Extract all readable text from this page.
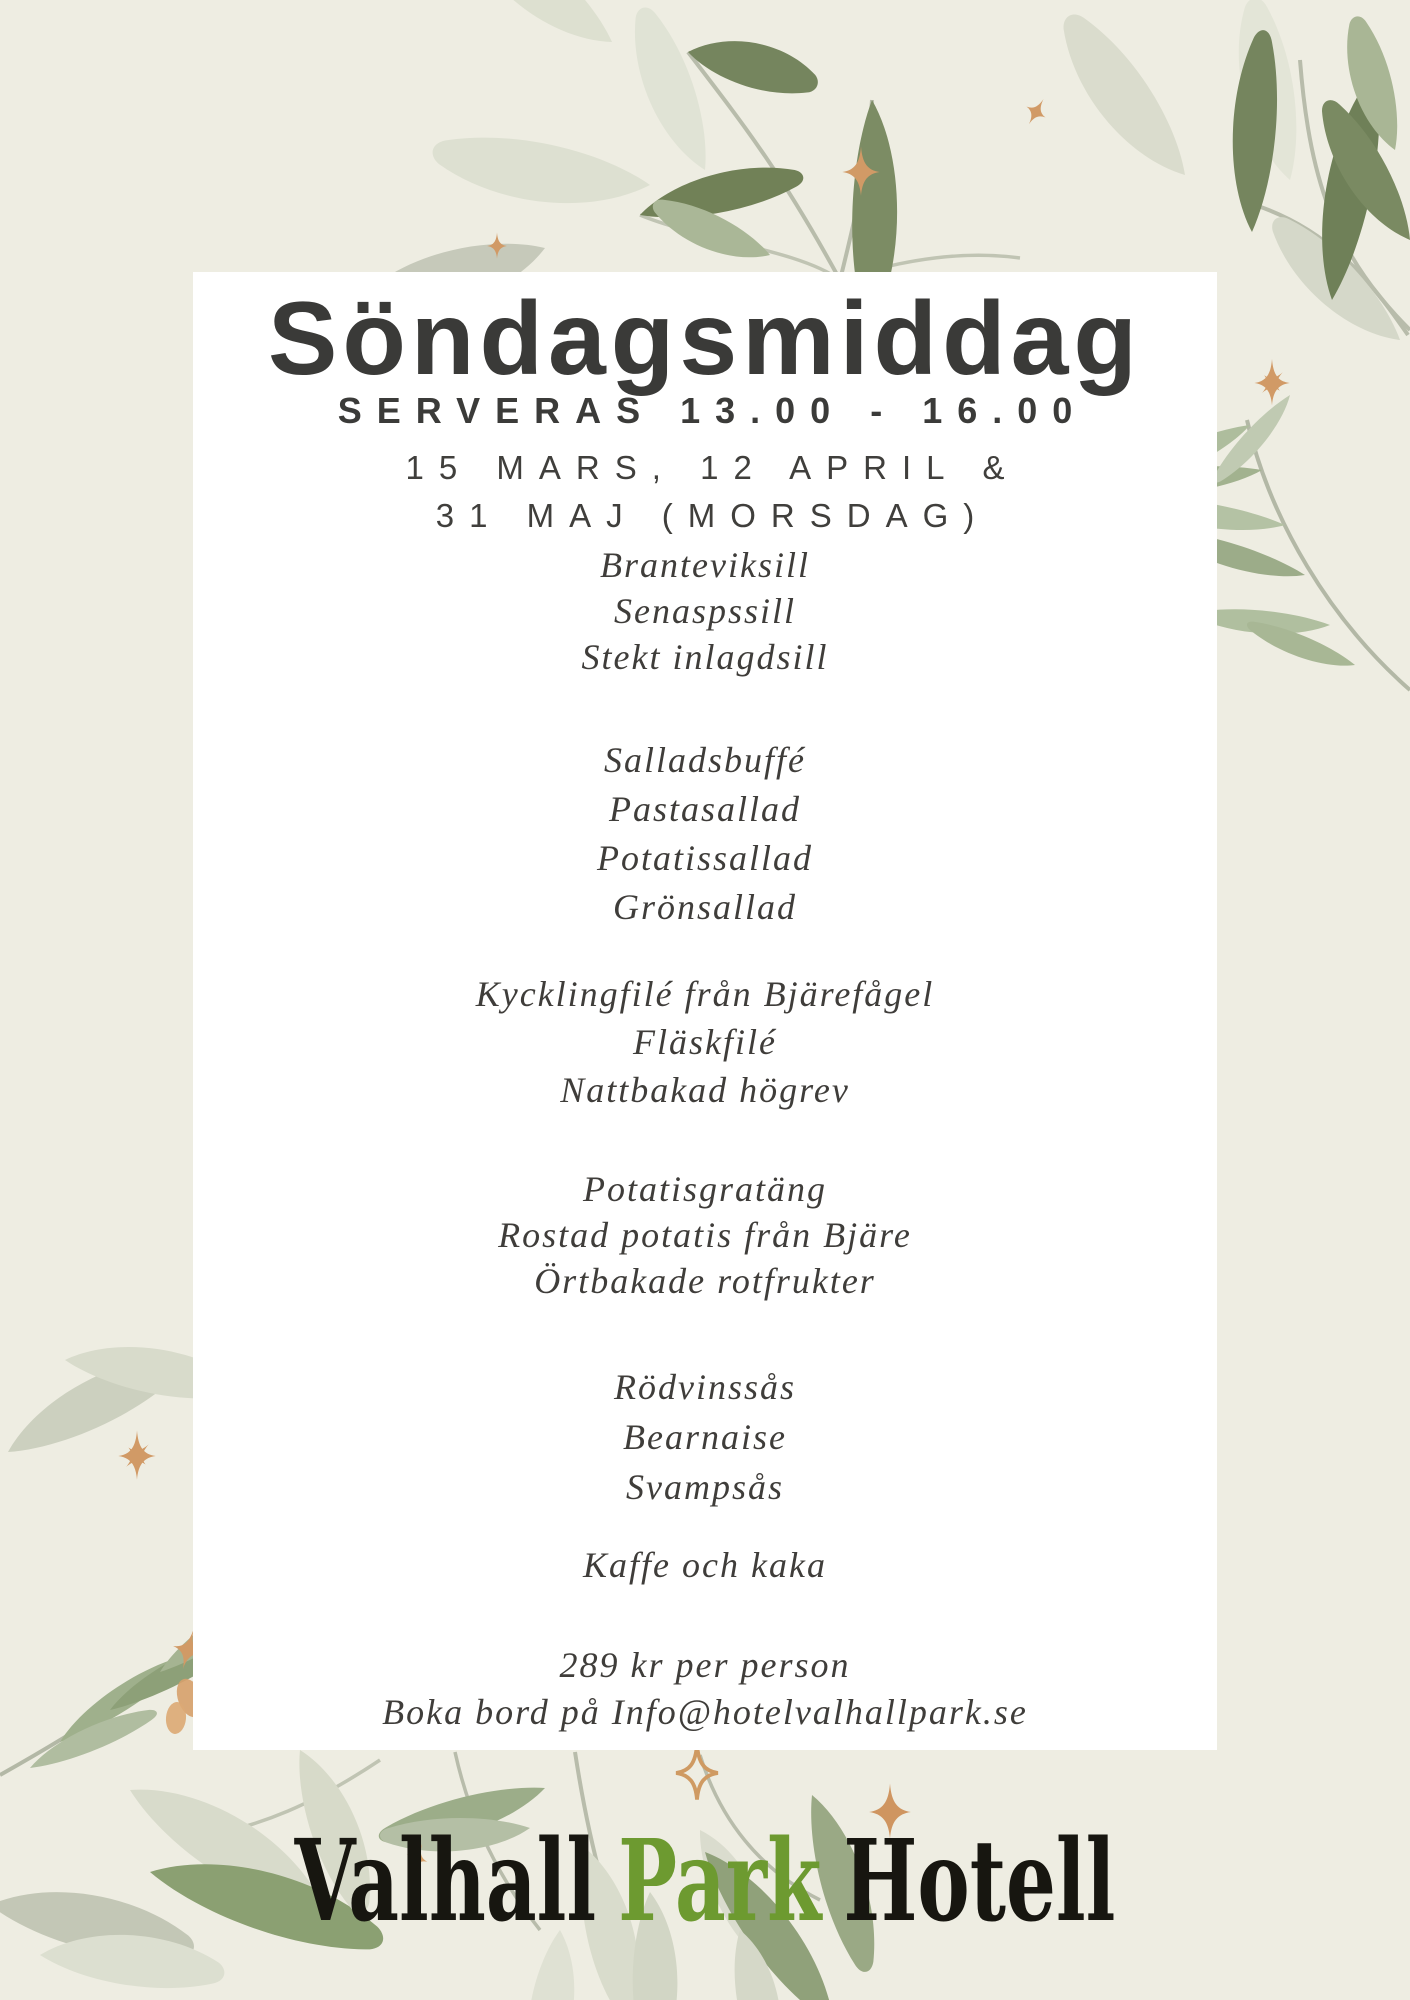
Söndagsmiddag
SERVERAS 13.00 - 16.00
15 MARS, 12 APRIL &
31 MAJ (MORSDAG)
Branteviksill
Senaspssill
Stekt inlagdsill
Salladsbuffé
Pastasallad
Potatissallad
Grönsallad
Kycklingfilé från Bjärefågel
Fläskfilé
Nattbakad högrev
Potatisgratäng
Rostad potatis från Bjäre
Örtbakade rotfrukter
Rödvinssås
Bearnaise
Svampsås
Kaffe och kaka
289 kr per person
Boka bord på Info@hotelvalhallpark.se
Valhall Park Hotell
